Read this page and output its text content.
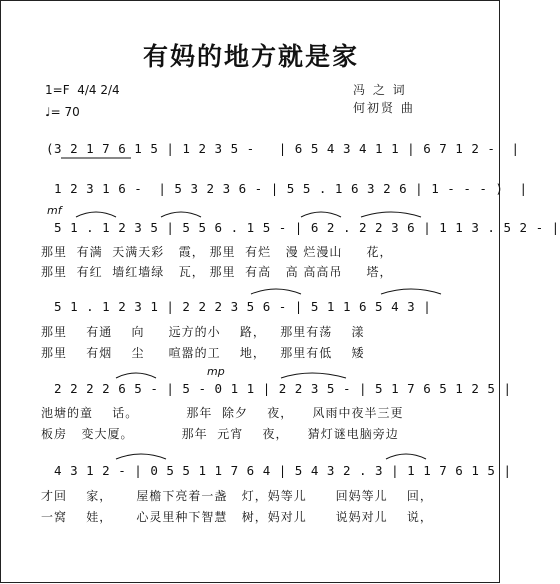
有妈的地方就是家
1=F 4/4 2/4
♩= 70
冯 之 词
何初贤 曲
(3 2 1 7 6 1 5 | 1 2 3 5 -   | 6 5 4 3 4 1 1 | 6 7 1 2 -  |
1 2 3 1 6 -  | 5 3 2 3 6 - | 5 5 . 1 6 3 2 6 | 1 - - - )  |
mf
5 1 . 1 2 3 5 | 5 5 6 . 1 5 - | 6 2 . 2 2 3 6 | 1 1 3 . 5 2 - |
那里  有满  天满天彩   霞， 那里  有烂   漫 烂漫山     花，
那里  有红  墙红墙绿   瓦， 那里  有高   高 高高吊     塔，
5 1 . 1 2 3 1 | 2 2 2 3 5 6 - | 5 1 1 6 5 4 3 |
那里    有通    向     远方的小    路，   那里有荡    漾
那里    有烟    尘     喧嚣的工    地，   那里有低    矮
mp
2 2 2 2 6 5 - | 5 - 0 1 1 | 2 2 3 5 - | 5 1 7 6 5 1 2 5 |
池塘的童    话。          那年  除夕    夜，    风雨中夜半三更
板房   变大厦。          那年  元宵    夜，    猜灯谜电脑旁边
4 3 1 2 - | 0 5 5 1 1 7 6 4 | 5 4 3 2 . 3 | 1 1 7 6 1 5 |
才回    家，     屋檐下亮着一盏   灯，妈等儿      回妈等儿    回，
一窝    娃，     心灵里种下智慧   树，妈对儿      说妈对儿    说，
